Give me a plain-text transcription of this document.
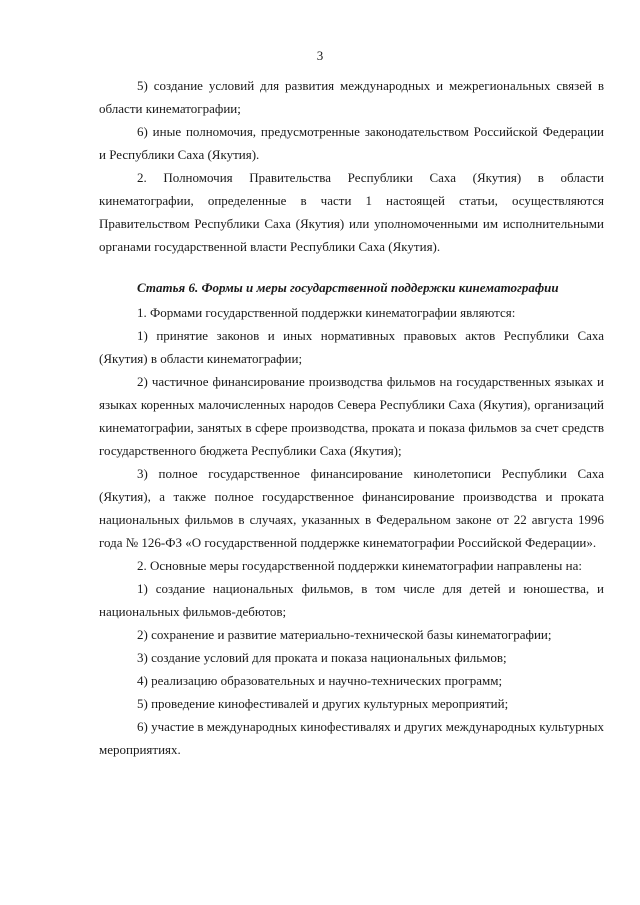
3

5) создание условий для развития международных и межрегиональных связей в области кинематографии;

6) иные полномочия, предусмотренные законодательством Российской Федерации и Республики Саха (Якутия).

2. Полномочия Правительства Республики Саха (Якутия) в области кинематографии, определенные в части 1 настоящей статьи, осуществляются Правительством Республики Саха (Якутия) или уполномоченными им исполнительными органами государственной власти Республики Саха (Якутия).

Статья 6. Формы и меры государственной поддержки кинематографии

1. Формами государственной поддержки кинематографии являются:

1) принятие законов и иных нормативных правовых актов Республики Саха (Якутия) в области кинематографии;

2) частичное финансирование производства фильмов на государственных языках и языках коренных малочисленных народов Севера Республики Саха (Якутия), организаций кинематографии, занятых в сфере производства, проката и показа фильмов за счет средств государственного бюджета Республики Саха (Якутия);

3) полное государственное финансирование кинолетописи Республики Саха (Якутия), а также полное государственное финансирование производства и проката национальных фильмов в случаях, указанных в Федеральном законе от 22 августа 1996 года № 126-ФЗ «О государственной поддержке кинематографии Российской Федерации».

2. Основные меры государственной поддержки кинематографии направлены на:

1) создание национальных фильмов, в том числе для детей и юношества, и национальных фильмов-дебютов;

2) сохранение и развитие материально-технической базы кинематографии;

3) создание условий для проката и показа национальных фильмов;

4) реализацию образовательных и научно-технических программ;

5) проведение кинофестивалей и других культурных мероприятий;

6) участие в международных кинофестивалях и других международных культурных мероприятиях.
